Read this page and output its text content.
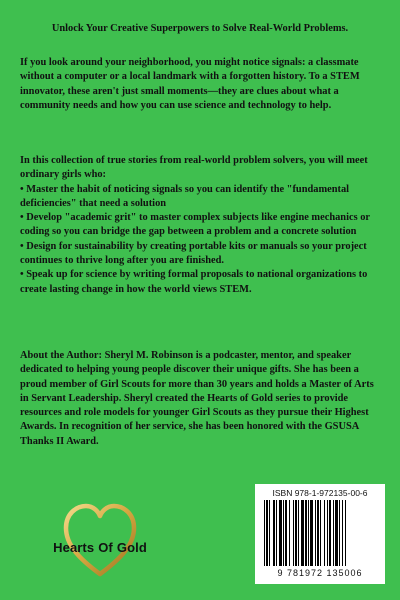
Unlock Your Creative Superpowers to Solve Real-World Problems.
If you look around your neighborhood, you might notice signals: a classmate without a computer or a local landmark with a forgotten history. To a STEM innovator, these aren't just small moments—they are clues about what a community needs and how you can use science and technology to help.
In this collection of true stories from real-world problem solvers, you will meet ordinary girls who:
• Master the habit of noticing signals so you can identify the "fundamental deficiencies" that need a solution
• Develop "academic grit" to master complex subjects like engine mechanics or coding so you can bridge the gap between a problem and a concrete solution
• Design for sustainability by creating portable kits or manuals so your project continues to thrive long after you are finished.
• Speak up for science by writing formal proposals to national organizations to create lasting change in how the world views STEM.
About the Author: Sheryl M. Robinson is a podcaster, mentor, and speaker dedicated to helping young people discover their unique gifts. She has been a proud member of Girl Scouts for more than 30 years and holds a Master of Arts in Servant Leadership. Sheryl created the Hearts of Gold series to provide resources and role models for younger Girl Scouts as they pursue their Highest Awards. In recognition of her service, she has been honored with the GSUSA Thanks II Award.
Hearts Of Gold
ISBN 978-1-972135-00-6
9 781972 135006
